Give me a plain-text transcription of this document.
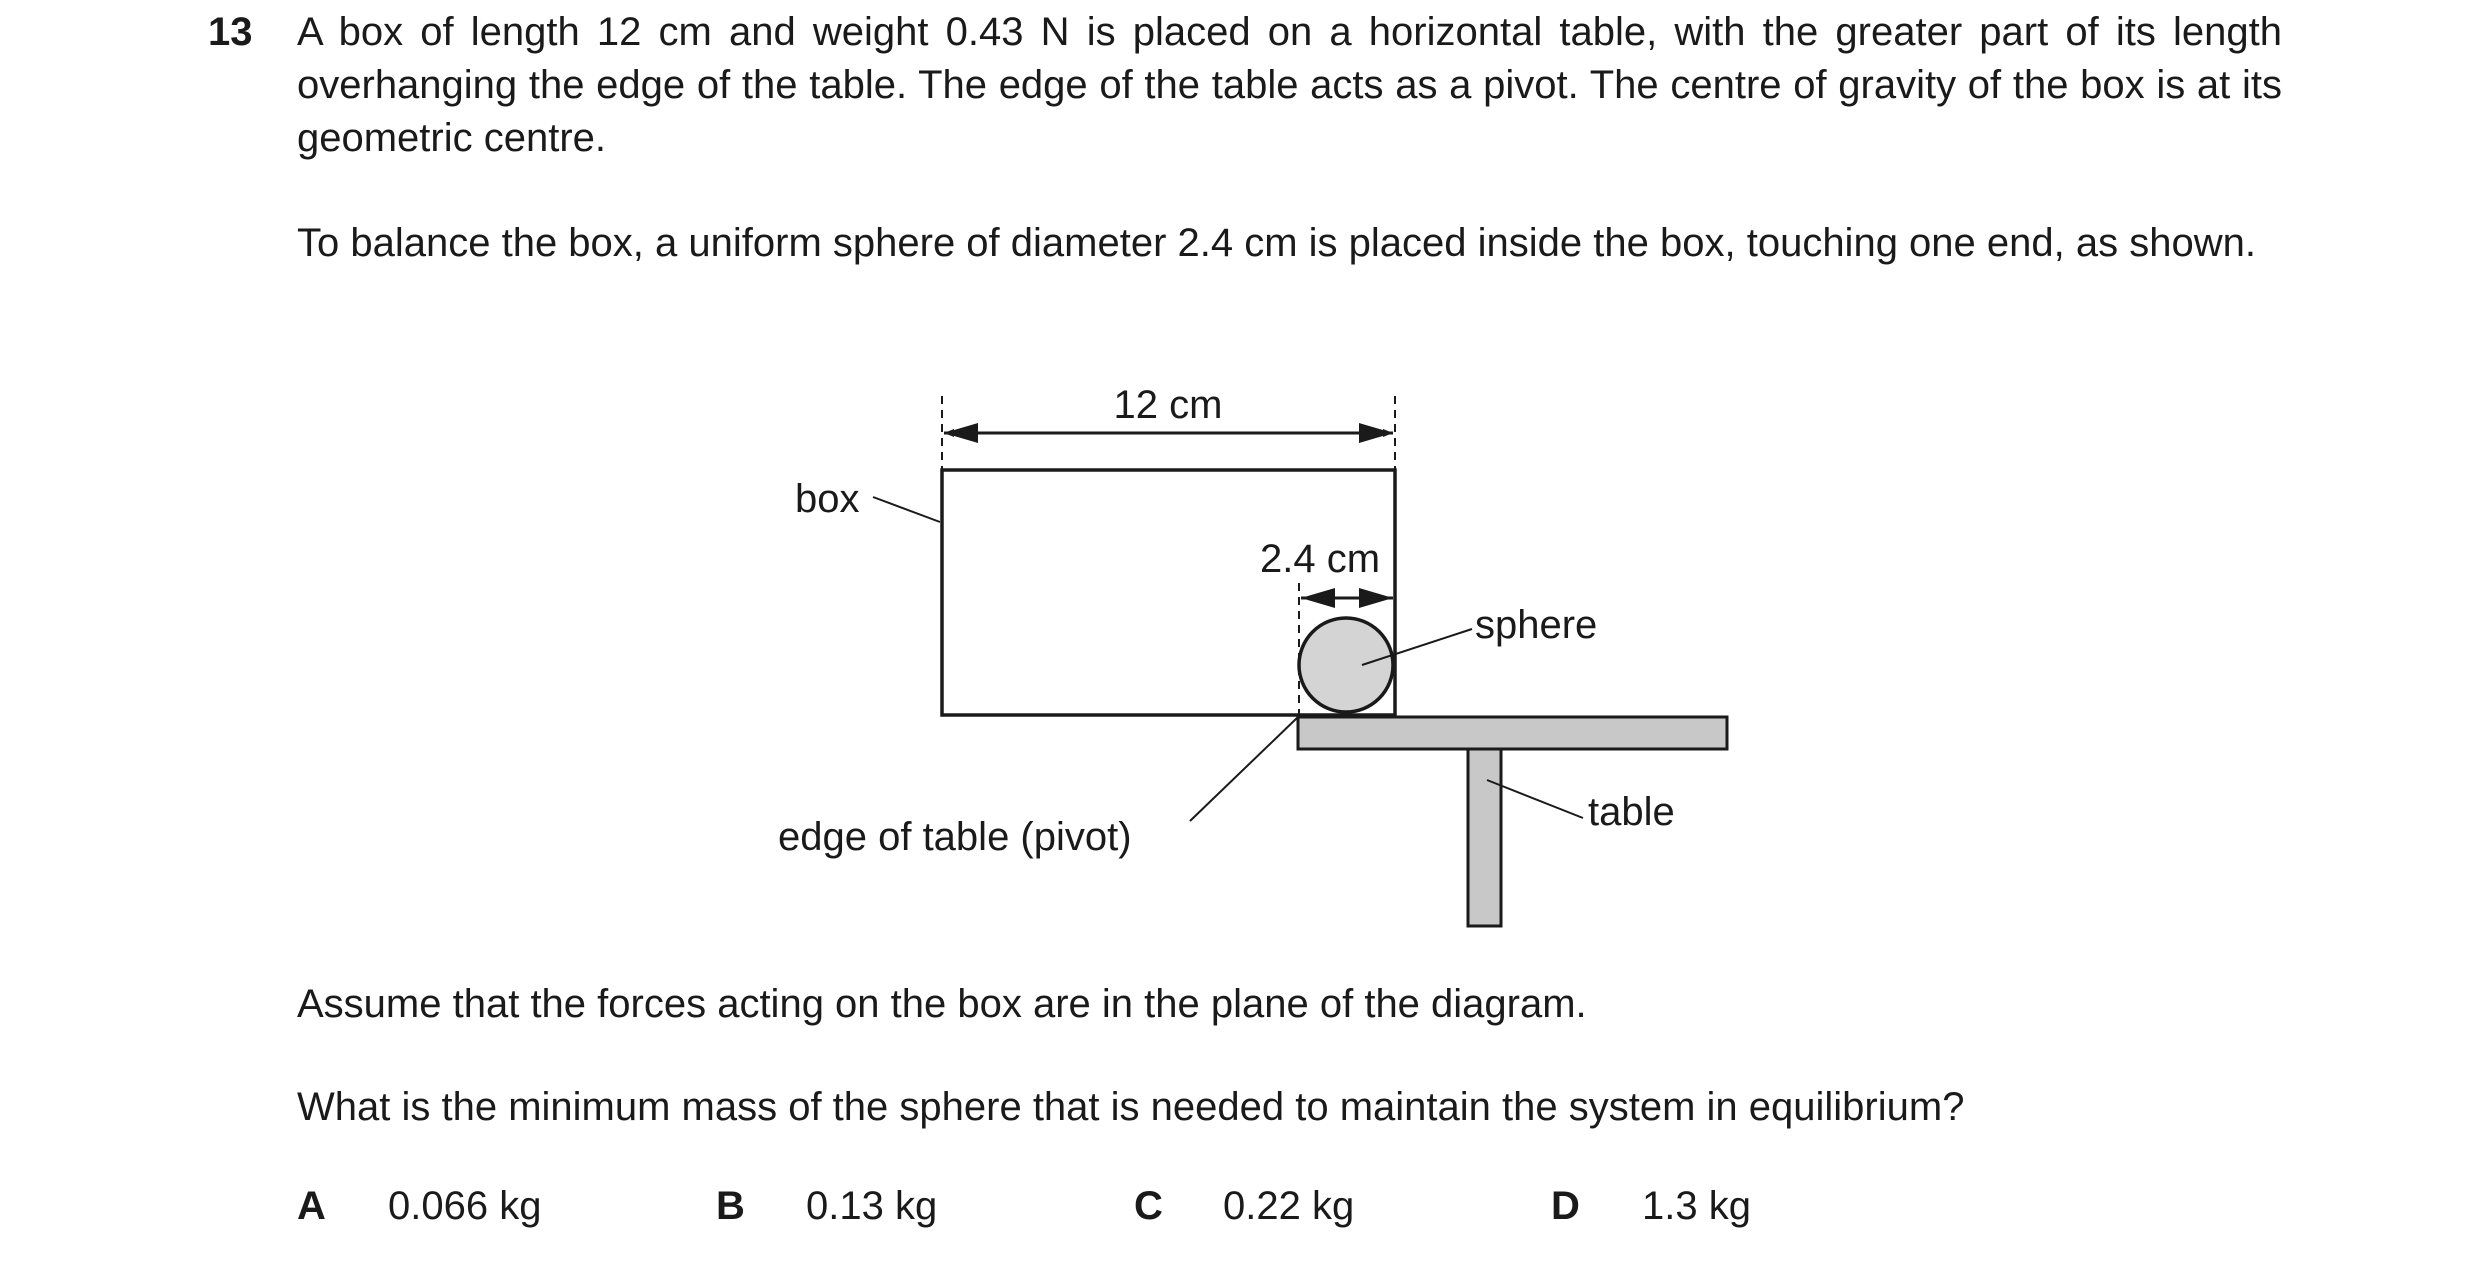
13 A box of length 12 cm and weight 0.43 N is placed on a horizontal table, with the greater part of its length overhanging the edge of the table. The edge of the table acts as a pivot. The centre of gravity of the box is at its geometric centre.

To balance the box, a uniform sphere of diameter 2.4 cm is placed inside the box, touching one end, as shown.

12 cm
2.4 cm
box
sphere
table
edge of table (pivot)

Assume that the forces acting on the box are in the plane of the diagram.

What is the minimum mass of the sphere that is needed to maintain the system in equilibrium?

A 0.066 kg	B 0.13 kg	C 0.22 kg	D 1.3 kg
